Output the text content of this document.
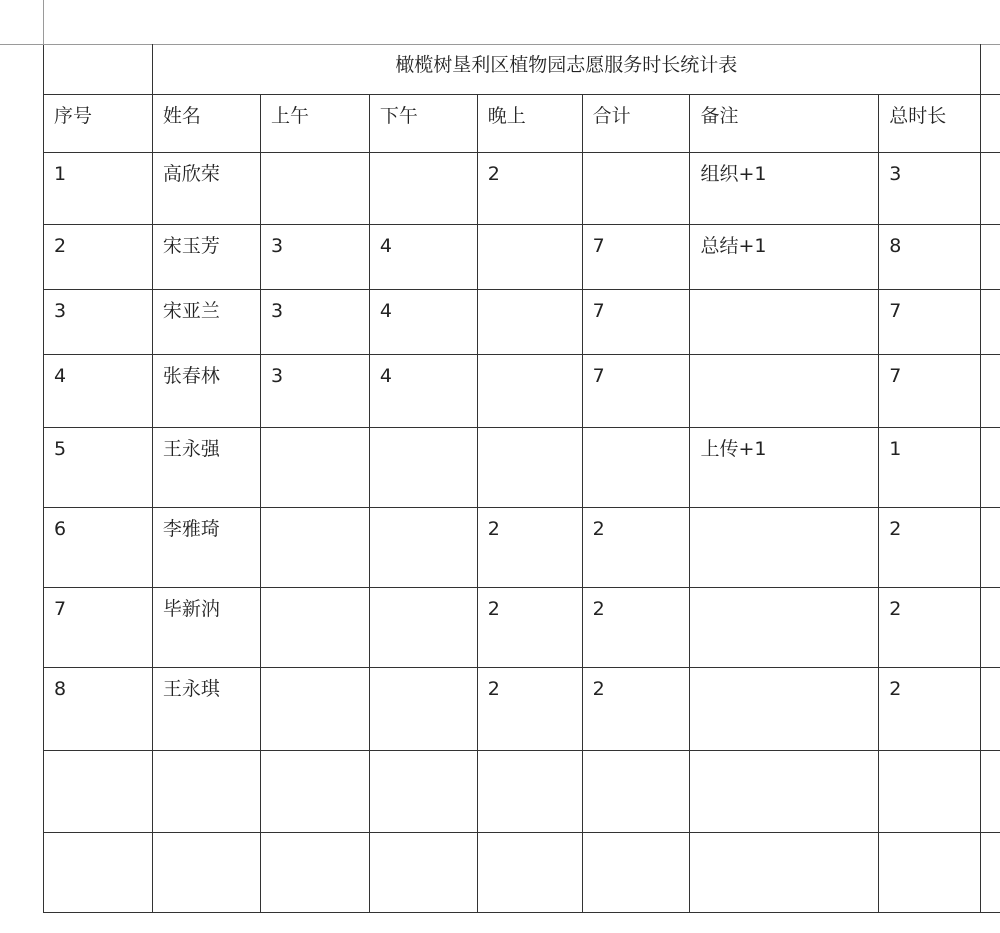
	橄榄树垦利区植物园志愿服务时长统计表							
序号	姓名	上午	下午	晚上	合计	备注	总时长	
1	高欣荣			2		组织+1	3	
2	宋玉芳	3	4		7	总结+1	8	
3	宋亚兰	3	4		7		7	
4	张春林	3	4		7		7	
5	王永强					上传+1	1	
6	李雅琦			2	2		2	
7	毕新汭			2	2		2	
8	王永琪			2	2		2	
